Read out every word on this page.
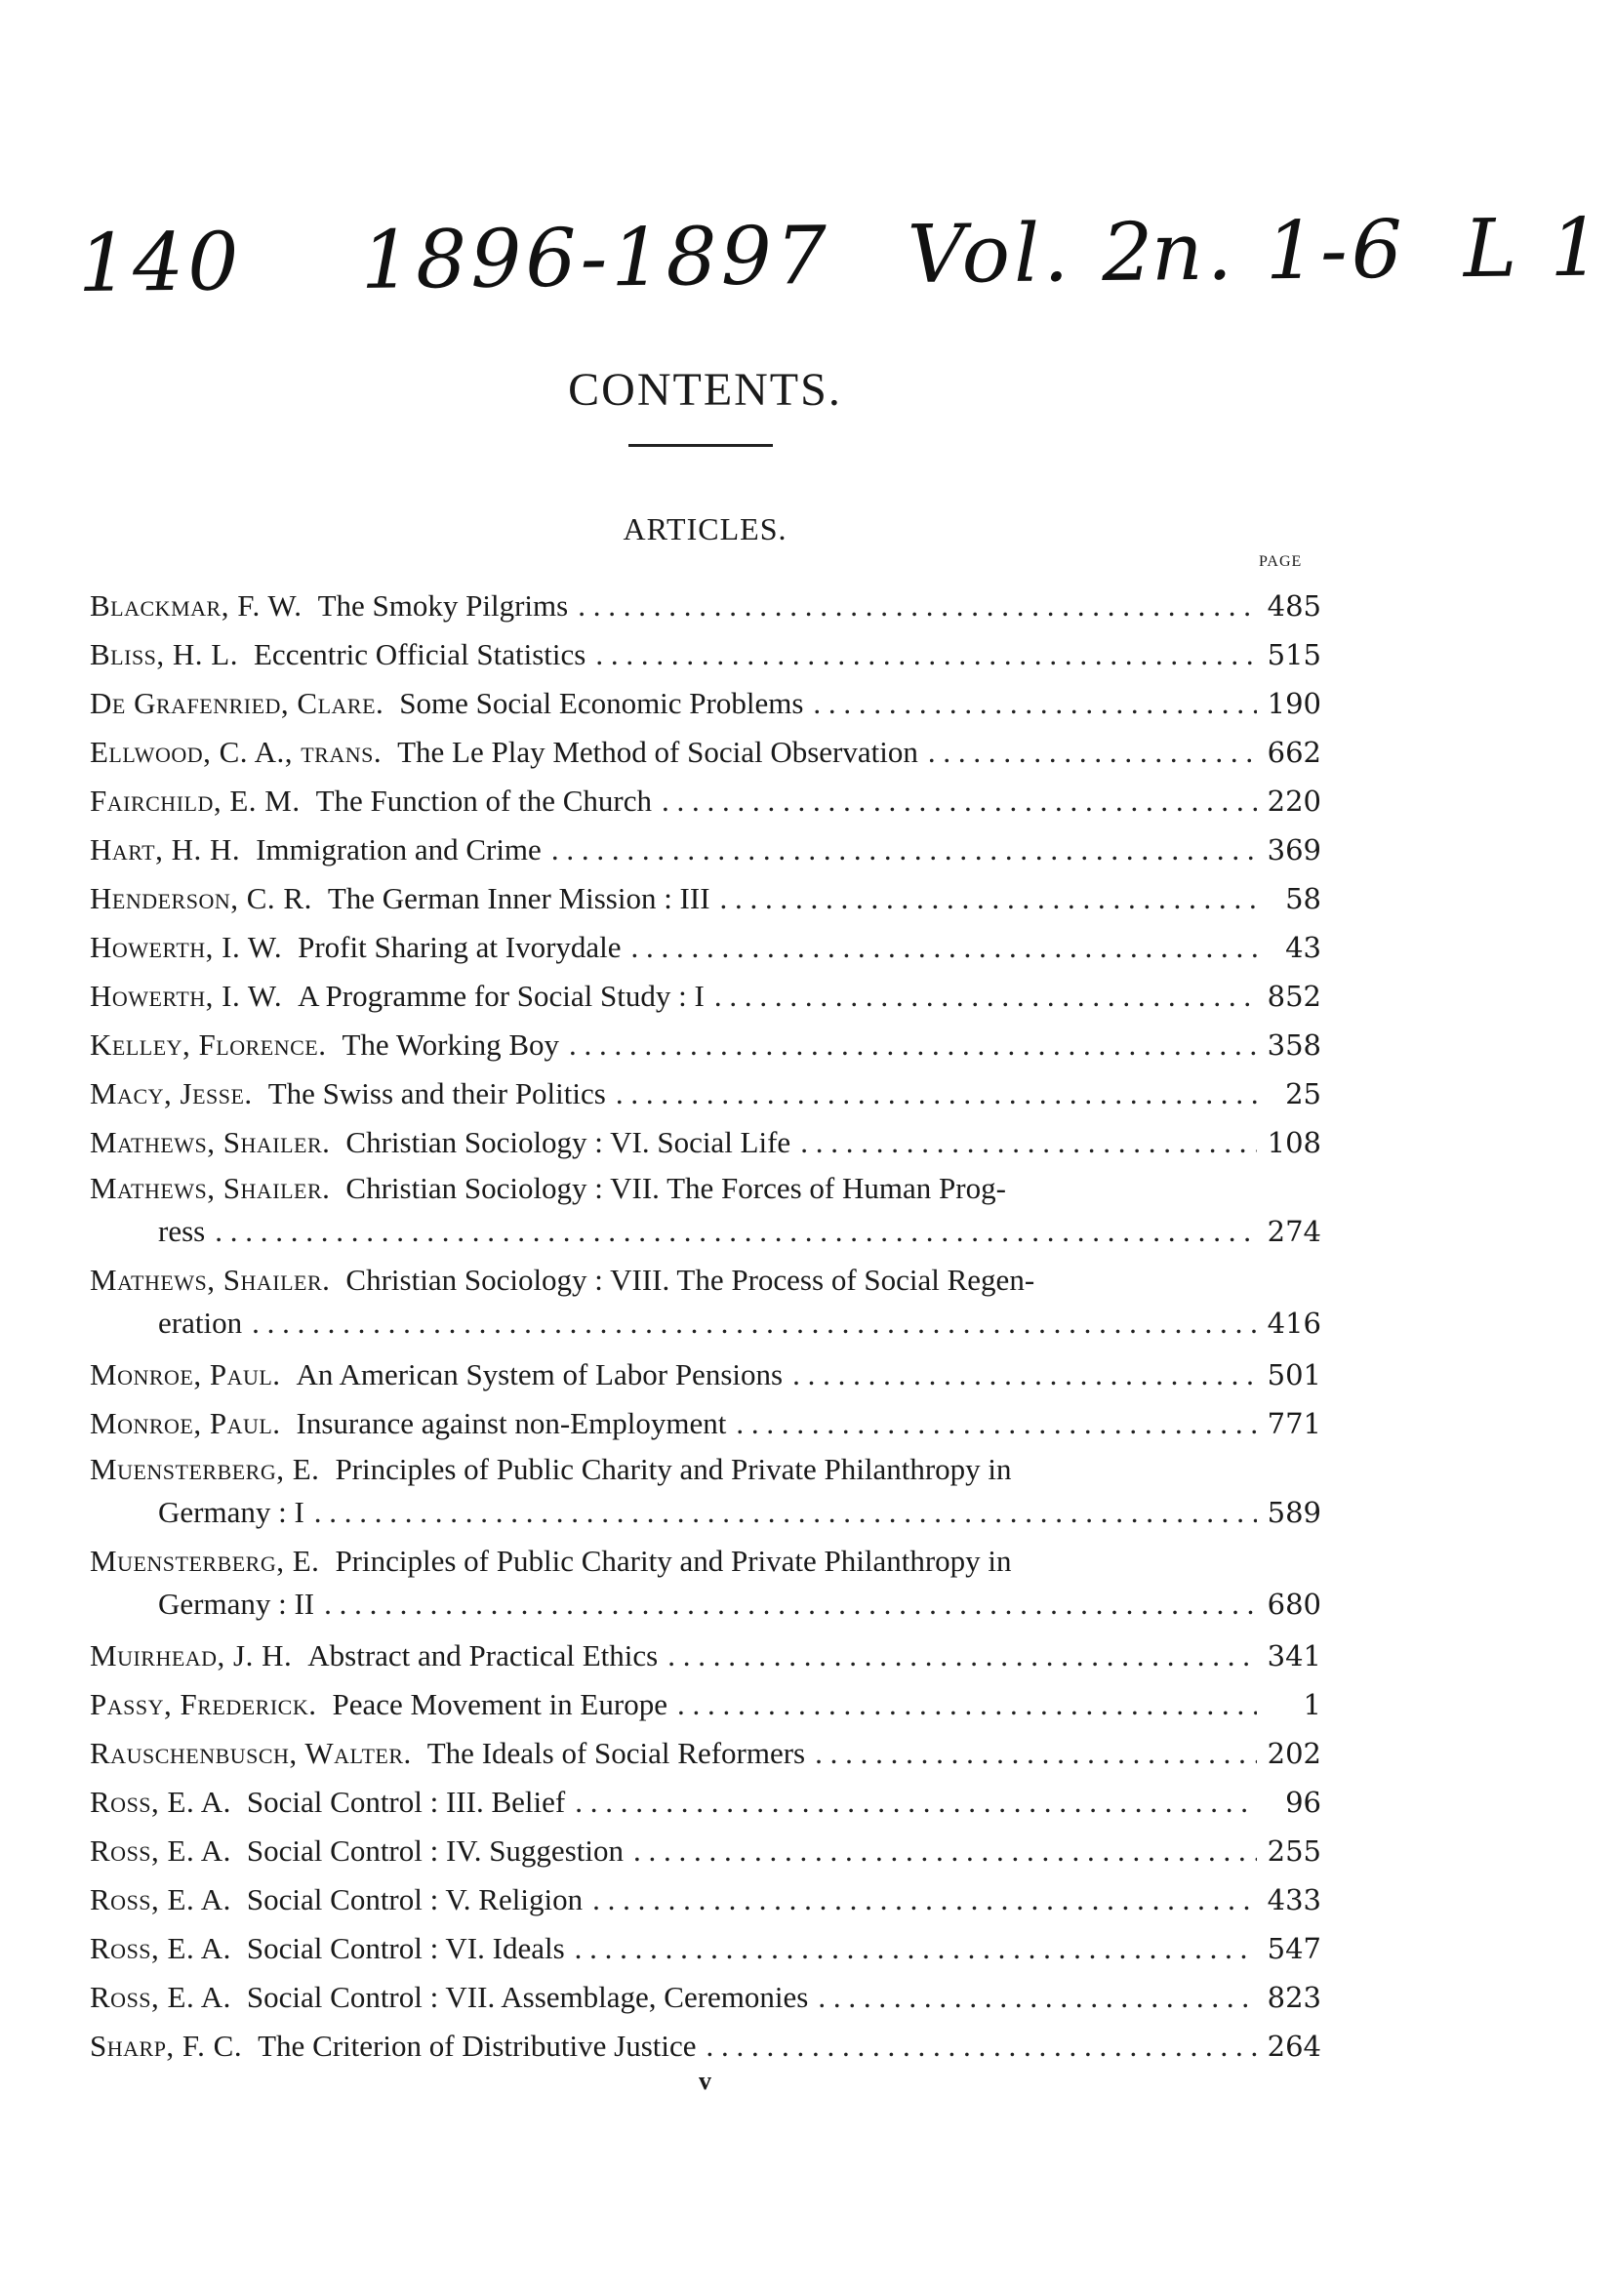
140 1896-1897 Vol. 2
n. 1-6 L 1
CONTENTS.
ARTICLES.
PAGE
Blackmar, F. W. The Smoky Pilgrims . . .	485
Bliss, H. L. Eccentric Official Statistics . . .	515
De Grafenried, Clare. Some Social Economic Problems . . .	190
Ellwood, C. A., trans. The Le Play Method of Social Observation . . .	662
Fairchild, E. M. The Function of the Church . . .	220
Hart, H. H. Immigration and Crime . . .	369
Henderson, C. R. The German Inner Mission : III . . .	58
Howerth, I. W. Profit Sharing at Ivorydale . . .	43
Howerth, I. W. A Programme for Social Study : I . . .	852
Kelley, Florence. The Working Boy . . .	358
Macy, Jesse. The Swiss and their Politics . . .	25
Mathews, Shailer. Christian Sociology : VI. Social Life . . .	108
Mathews, Shailer. Christian Sociology : VII. The Forces of Human Prog-
ress . . .	274
Mathews, Shailer. Christian Sociology : VIII. The Process of Social Regen-
eration . . .	416
Monroe, Paul. An American System of Labor Pensions . . .	501
Monroe, Paul. Insurance against non-Employment . . .	771
Muensterberg, E. Principles of Public Charity and Private Philanthropy in
Germany : I . . .	589
Muensterberg, E. Principles of Public Charity and Private Philanthropy in
Germany : II . . .	680
Muirhead, J. H. Abstract and Practical Ethics . . .	341
Passy, Frederick. Peace Movement in Europe . . .	1
Rauschenbusch, Walter. The Ideals of Social Reformers . . .	202
Ross, E. A. Social Control : III. Belief . . .	96
Ross, E. A. Social Control : IV. Suggestion . . .	255
Ross, E. A. Social Control : V. Religion . . .	433
Ross, E. A. Social Control : VI. Ideals . . .	547
Ross, E. A. Social Control : VII. Assemblage, Ceremonies . . .	823
Sharp, F. C. The Criterion of Distributive Justice . . .	264
v
